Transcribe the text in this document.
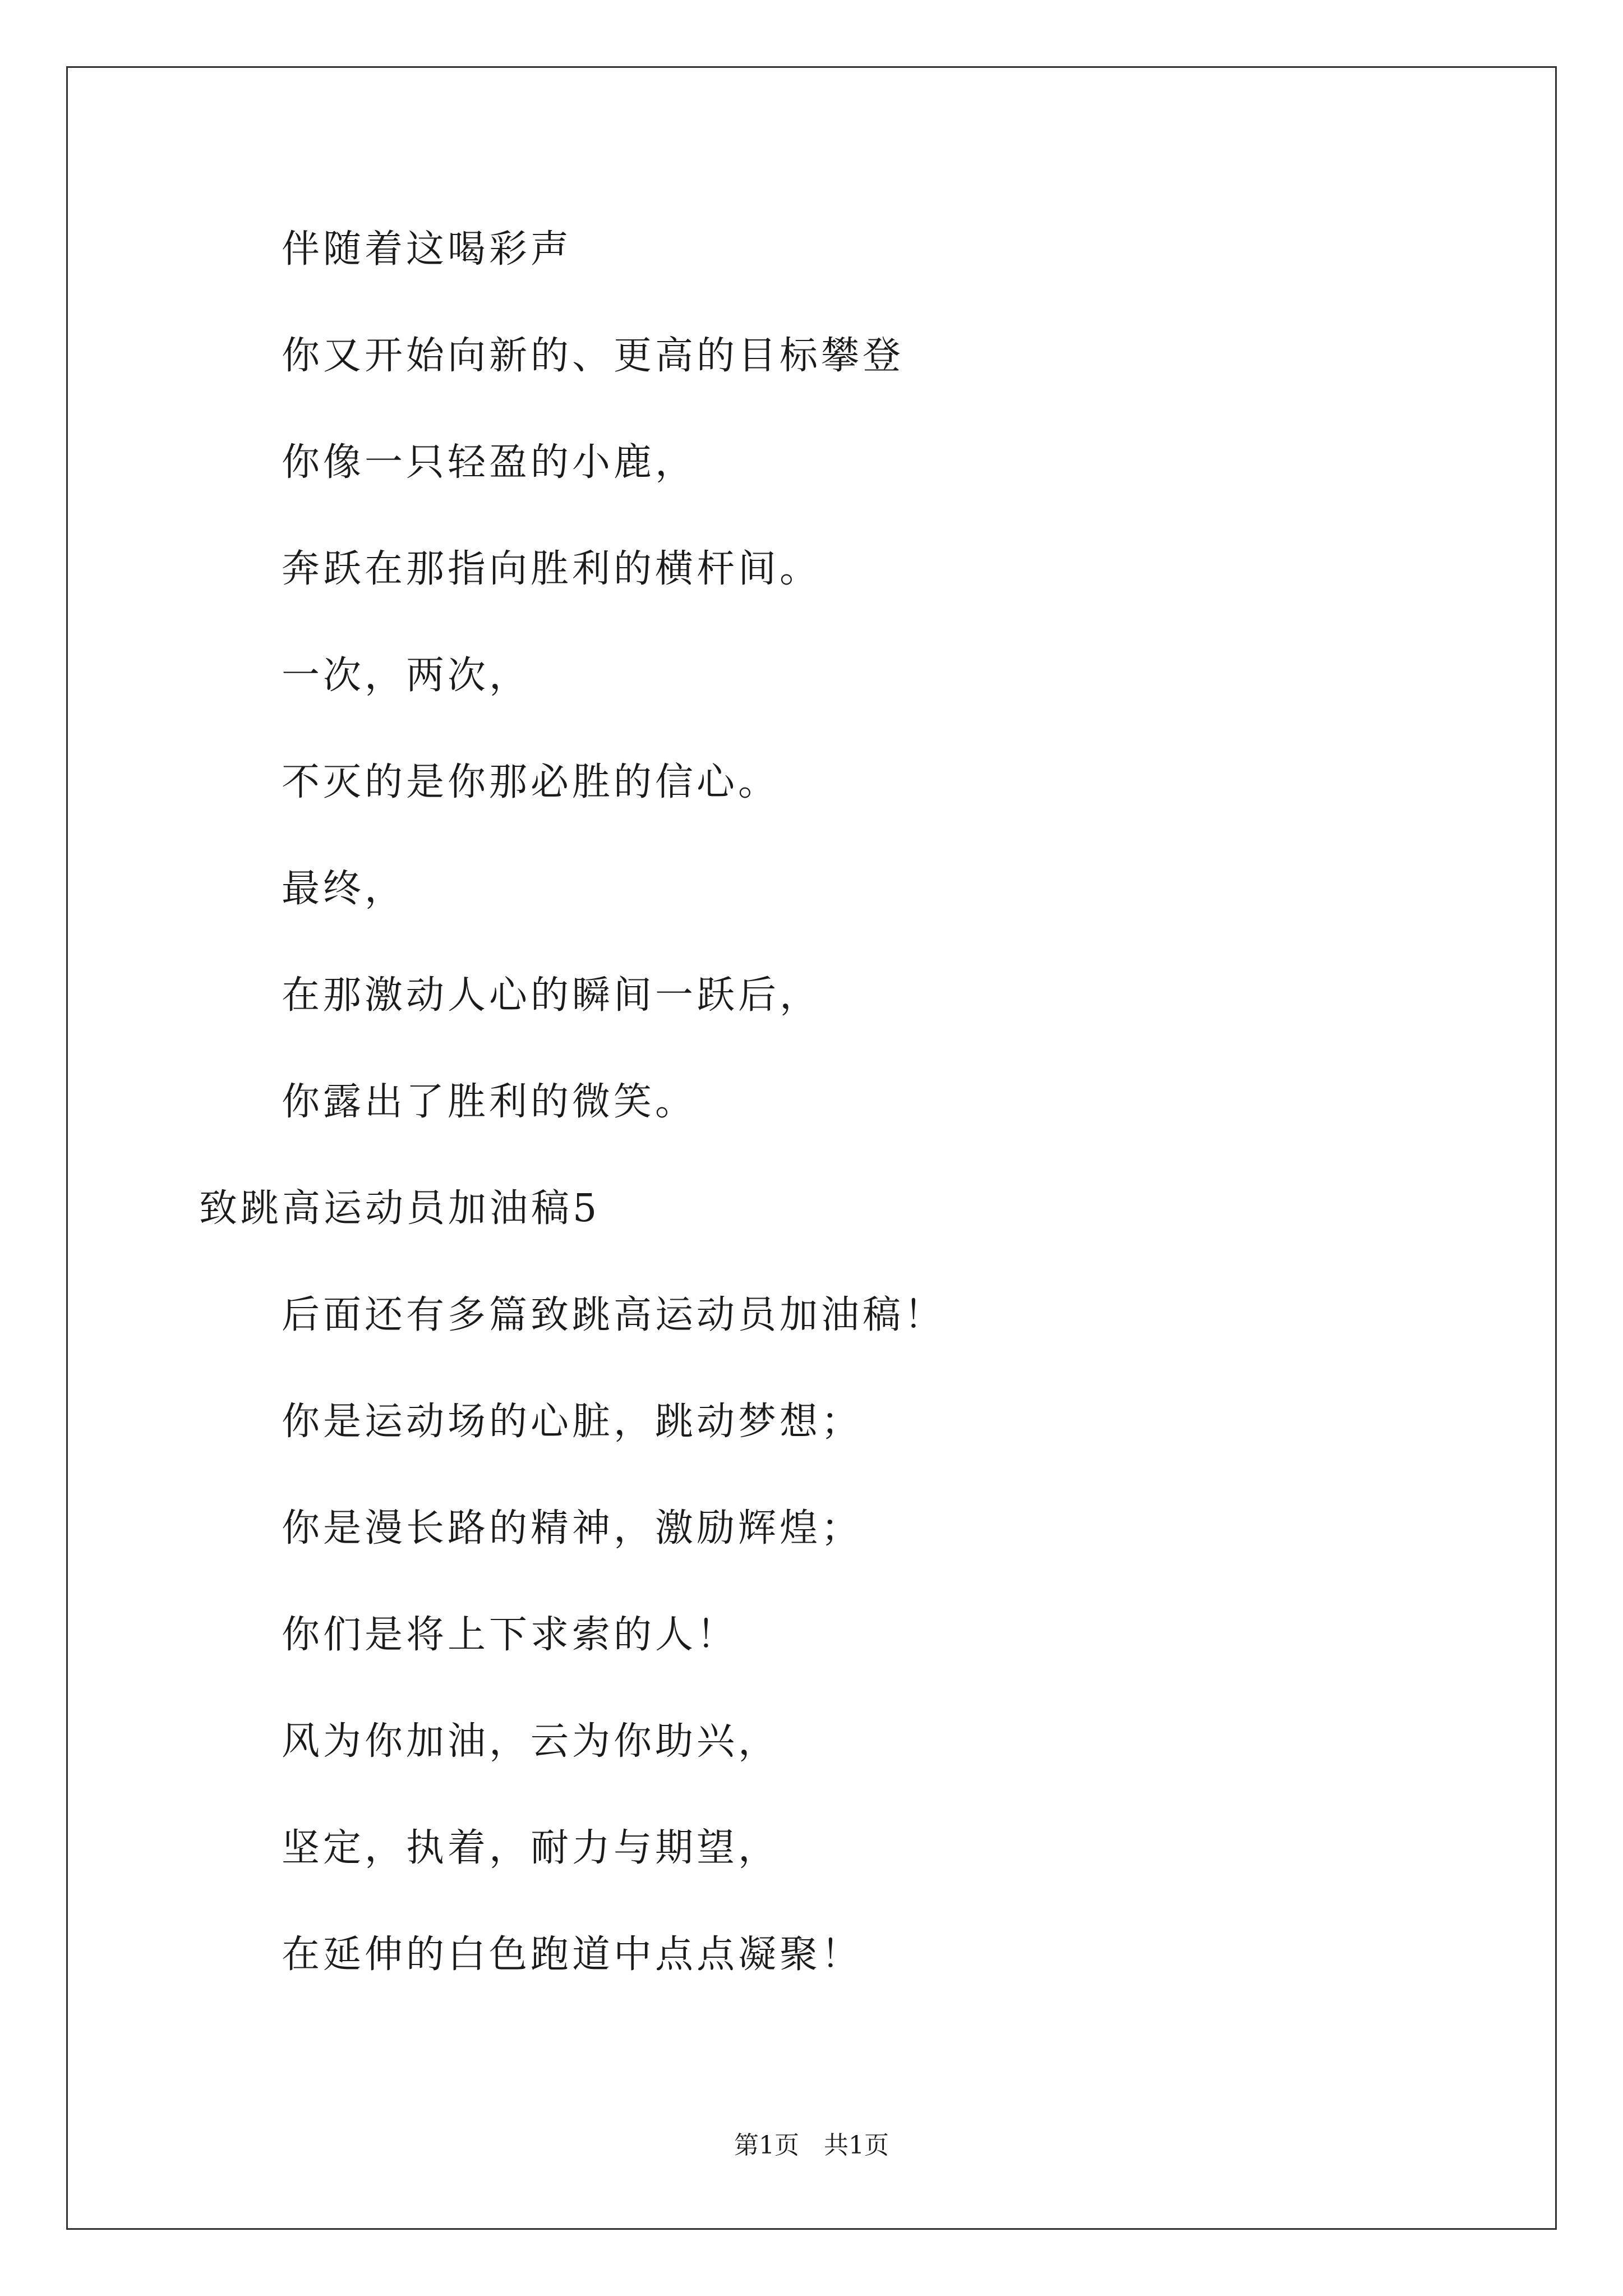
伴随着这喝彩声
你又开始向新的、更高的目标攀登
你像一只轻盈的小鹿，
奔跃在那指向胜利的横杆间。
一次，两次，
不灭的是你那必胜的信心。
最终，
在那激动人心的瞬间一跃后，
你露出了胜利的微笑。
致跳高运动员加油稿5
后面还有多篇致跳高运动员加油稿！
你是运动场的心脏，跳动梦想；
你是漫长路的精神，激励辉煌；
你们是将上下求索的人！
风为你加油，云为你助兴，
坚定，执着，耐力与期望，
在延伸的白色跑道中点点凝聚！
第1页　共1页
